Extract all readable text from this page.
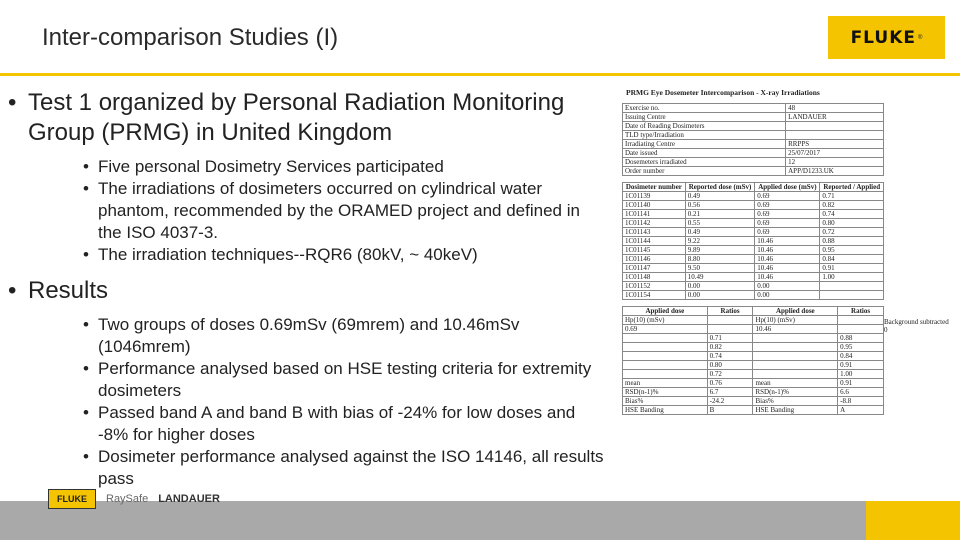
Inter-comparison Studies (I)	FLUKE ®
• Test 1 organized by Personal Radiation Monitoring Group (PRMG) in United Kingdom
• Five personal Dosimetry Services participated
• The irradiations of dosimeters occurred on cylindrical water phantom, recommended by the ORAMED project and defined in the ISO 4037-3.
• The irradiation techniques--RQR6 (80kV, ~ 40keV)
• Results
• Two groups of doses 0.69mSv (69mrem) and 10.46mSv (1046mrem)
• Performance analysed based on HSE testing criteria for extremity dosimeters
• Passed band A and band B with bias of -24% for low doses and -8% for higher doses
• Dosimeter performance analysed against the ISO 14146, all results pass
PRMG Eye Dosemeter Intercomparison - X-ray Irradiations
Exercise no.	48
Issuing Centre	LANDAUER
Date of Reading Dosimeters	
TLD type/Irradiation	
Irradiating Centre	RRPPS
Date issued	25/07/2017
Dosemeters irradiated	12
Order number	APP/D1233.UK
Dosimeter number	Reported dose (mSv)	Applied dose (mSv)	Reported / Applied
1C01139	0.49	0.69	0.71
1C01140	0.56	0.69	0.82
1C01141	0.21	0.69	0.74
1C01142	0.55	0.69	0.80
1C01143	0.49	0.69	0.72
1C01144	9.22	10.46	0.88
1C01145	9.89	10.46	0.95
1C01146	8.80	10.46	0.84
1C01147	9.50	10.46	0.91
1C01148	10.49	10.46	1.00
1C01152	0.00	0.00	
1C01154	0.00	0.00	
Applied dose	Ratios	Applied dose	Ratios
Hp(10) (mSv)		Hp(10) (mSv)	
0.69		10.46	
	0.71		0.88
	0.82		0.95
	0.74		0.84
	0.80		0.91
	0.72		1.00
mean	0.76	mean	0.91
RSD(n-1)%	6.7	RSD(n-1)%	6.6
Bias%	-24.2	Bias%	-8.8
HSE Banding	B	HSE Banding	A
Background subtracted
0
FLUKE	RaySafe LANDAUER
